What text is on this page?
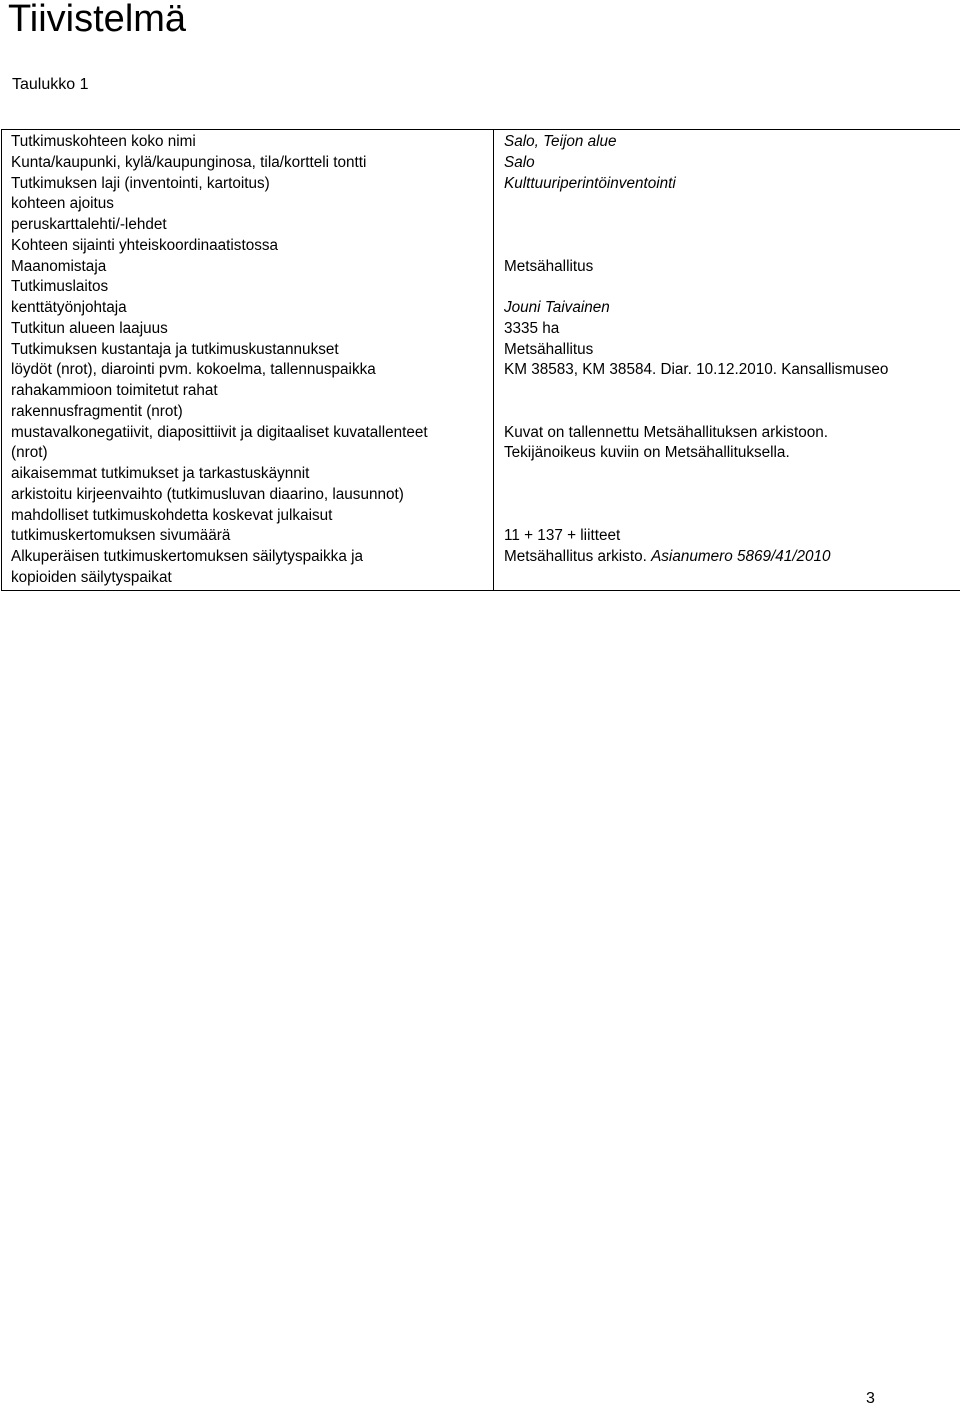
Tiivistelmä
Taulukko 1
Tutkimuskohteen koko nimi	Salo, Teijon alue
Kunta/kaupunki, kylä/kaupunginosa, tila/kortteli tontti	Salo
Tutkimuksen laji (inventointi, kartoitus)	Kulttuuriperintöinventointi
kohteen ajoitus	
peruskarttalehti/-lehdet	
Kohteen sijainti yhteiskoordinaatistossa	
Maanomistaja	Metsähallitus
Tutkimuslaitos	
kenttätyönjohtaja	Jouni Taivainen
Tutkitun alueen laajuus	3335 ha
Tutkimuksen kustantaja ja tutkimuskustannukset	Metsähallitus
löydöt (nrot), diarointi pvm. kokoelma, tallennuspaikka	KM 38583, KM 38584. Diar. 10.12.2010. Kansallismuseo
rahakammioon toimitetut rahat	
rakennusfragmentit (nrot)	
mustavalkonegatiivit, diaposittiivit ja digitaaliset kuvatallenteet	Kuvat on tallennettu Metsähallituksen arkistoon.
(nrot)	Tekijänoikeus kuviin on Metsähallituksella.
aikaisemmat tutkimukset ja tarkastuskäynnit	
arkistoitu kirjeenvaihto (tutkimusluvan diaarino, lausunnot)	
mahdolliset tutkimuskohdetta koskevat julkaisut	
tutkimuskertomuksen sivumäärä	11 + 137 + liitteet
Alkuperäisen tutkimuskertomuksen säilytyspaikka ja	Metsähallitus arkisto. Asianumero 5869/41/2010
kopioiden säilytyspaikat	
3
